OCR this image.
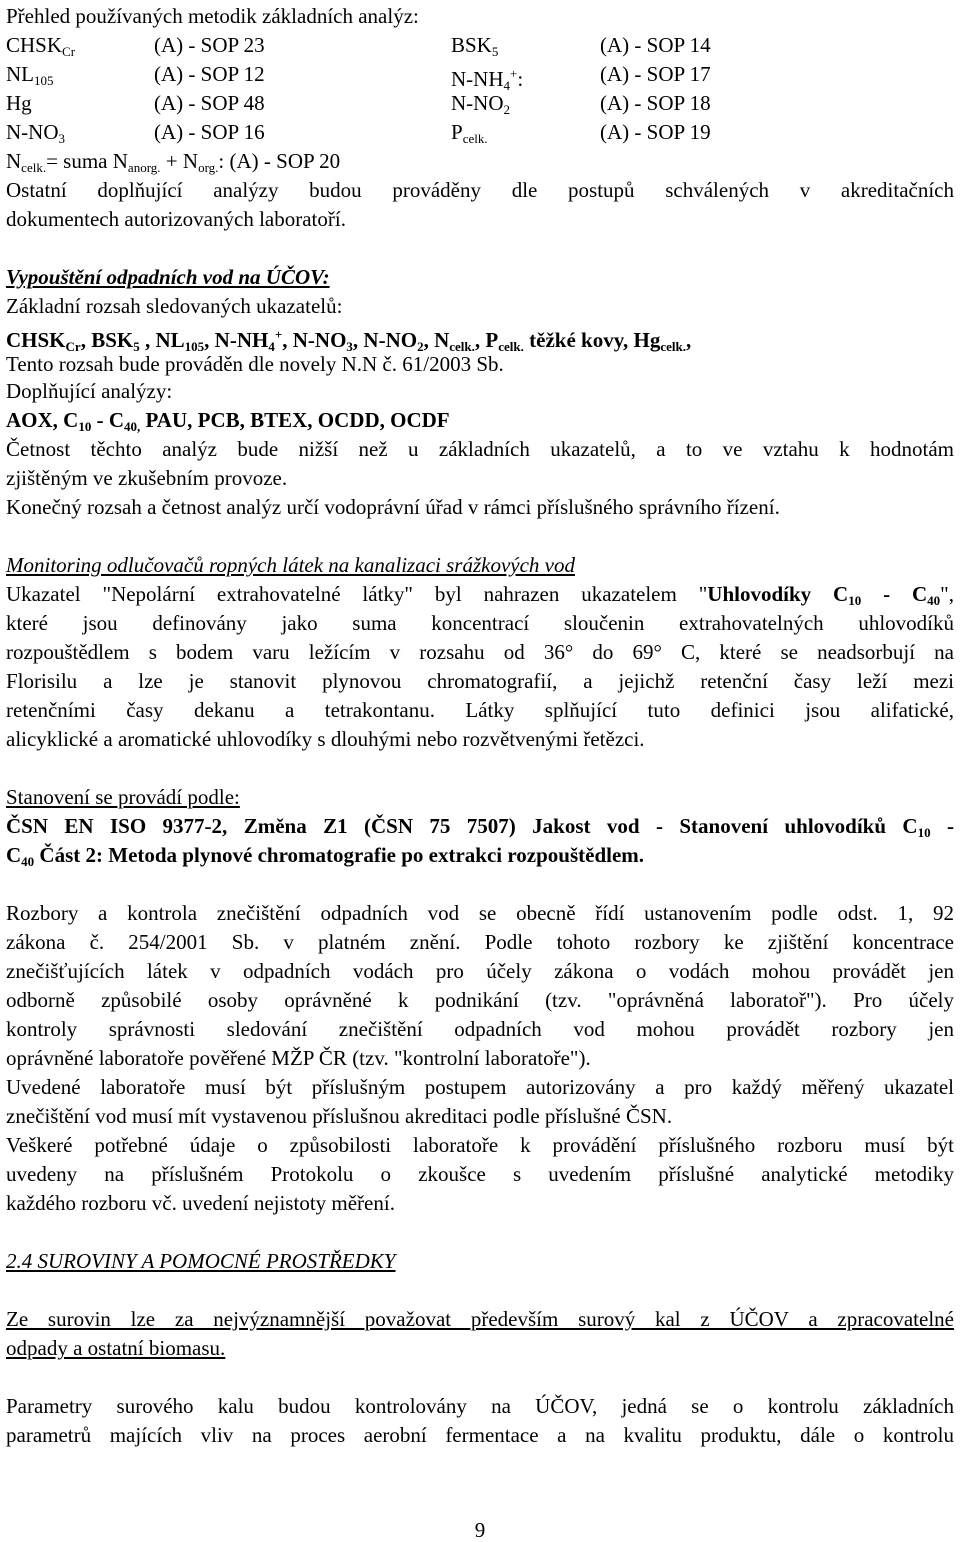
Přehled používaných metodik základních analýz:
$CHSK_{Cr}$	(A) - SOP 23	$BSK_5$	(A) - SOP 14
$NL_{105}$	(A) - SOP 12	$N-NH_4^+$:	(A) - SOP 17
Hg	(A) - SOP 48	$N-NO_2$	(A) - SOP 18
$N-NO_3$	(A) - SOP 16	$P_{celk.}$	(A) - SOP 19
$N_{celk.}=$ suma $N_{anorg.} + N_{org.}$: (A) - SOP 20
Ostatní doplňující analýzy budou prováděny dle postupů schválených v akreditačních
dokumentech autorizovaných laboratoří.
Vypouštění odpadních vod na ÚČOV:
Základní rozsah sledovaných ukazatelů:
$CHSK_{Cr}$, $BSK_5$ , $NL_{105}$, $N-NH_4^+$, $N-NO_3$, $N-NO_2$, $N_{celk.}$, $P_{celk.}$ těžké kovy, $Hg_{celk.}$,
Tento rozsah bude prováděn dle novely N.N č. 61/2003 Sb.
Doplňující analýzy:
AOX, $C_{10} - C_{40,}$ PAU, PCB, BTEX, OCDD, OCDF
Četnost těchto analýz bude nižší než u základních ukazatelů, a to ve vztahu k hodnotám
zjištěným ve zkušebním provoze.
Konečný rozsah a četnost analýz určí vodoprávní úřad v rámci příslušného správního řízení.
Monitoring odlučovačů ropných látek na kanalizaci srážkových vod
Ukazatel "Nepolární extrahovatelné látky" byl nahrazen ukazatelem "Uhlovodíky $C_{10} - C_{40}$",
které jsou definovány jako suma koncentrací sloučenin extrahovatelných uhlovodíků
rozpouštědlem s bodem varu ležícím v rozsahu od 36° do 69° C, které se neadsorbují na
Florisilu a lze je stanovit plynovou chromatografií, a jejichž retenční časy leží mezi
retenčními časy dekanu a tetrakontanu. Látky splňující tuto definici jsou alifatické,
alicyklické a aromatické uhlovodíky s dlouhými nebo rozvětvenými řetězci.
Stanovení se provádí podle:
ČSN EN ISO 9377-2, Změna Z1 (ČSN 75 7507) Jakost vod - Stanovení uhlovodíků $C_{10}$ -
$C_{40}$ Část 2: Metoda plynové chromatografie po extrakci rozpouštědlem.
Rozbory a kontrola znečištění odpadních vod se obecně řídí ustanovením podle odst. 1, 92
zákona č. 254/2001 Sb. v platném znění. Podle tohoto rozbory ke zjištění koncentrace
znečišťujících látek v odpadních vodách pro účely zákona o vodách mohou provádět jen
odborně způsobilé osoby oprávněné k podnikání (tzv. "oprávněná laboratoř"). Pro účely
kontroly správnosti sledování znečištění odpadních vod mohou provádět rozbory jen
oprávněné laboratoře pověřené MŽP ČR (tzv. "kontrolní laboratoře").
Uvedené laboratoře musí být příslušným postupem autorizovány a pro každý měřený ukazatel
znečištění vod musí mít vystavenou příslušnou akreditaci podle příslušné ČSN.
Veškeré potřebné údaje o způsobilosti laboratoře k provádění příslušného rozboru musí být
uvedeny na příslušném Protokolu o zkoušce s uvedením příslušné analytické metodiky
každého rozboru vč. uvedení nejistoty měření.
2.4 SUROVINY A POMOCNÉ PROSTŘEDKY
Ze surovin lze za nejvýznamnější považovat především surový kal z ÚČOV a zpracovatelné
odpady a ostatní biomasu.
Parametry surového kalu budou kontrolovány na ÚČOV, jedná se o kontrolu základních
parametrů majících vliv na proces aerobní fermentace a na kvalitu produktu, dále o kontrolu
9
